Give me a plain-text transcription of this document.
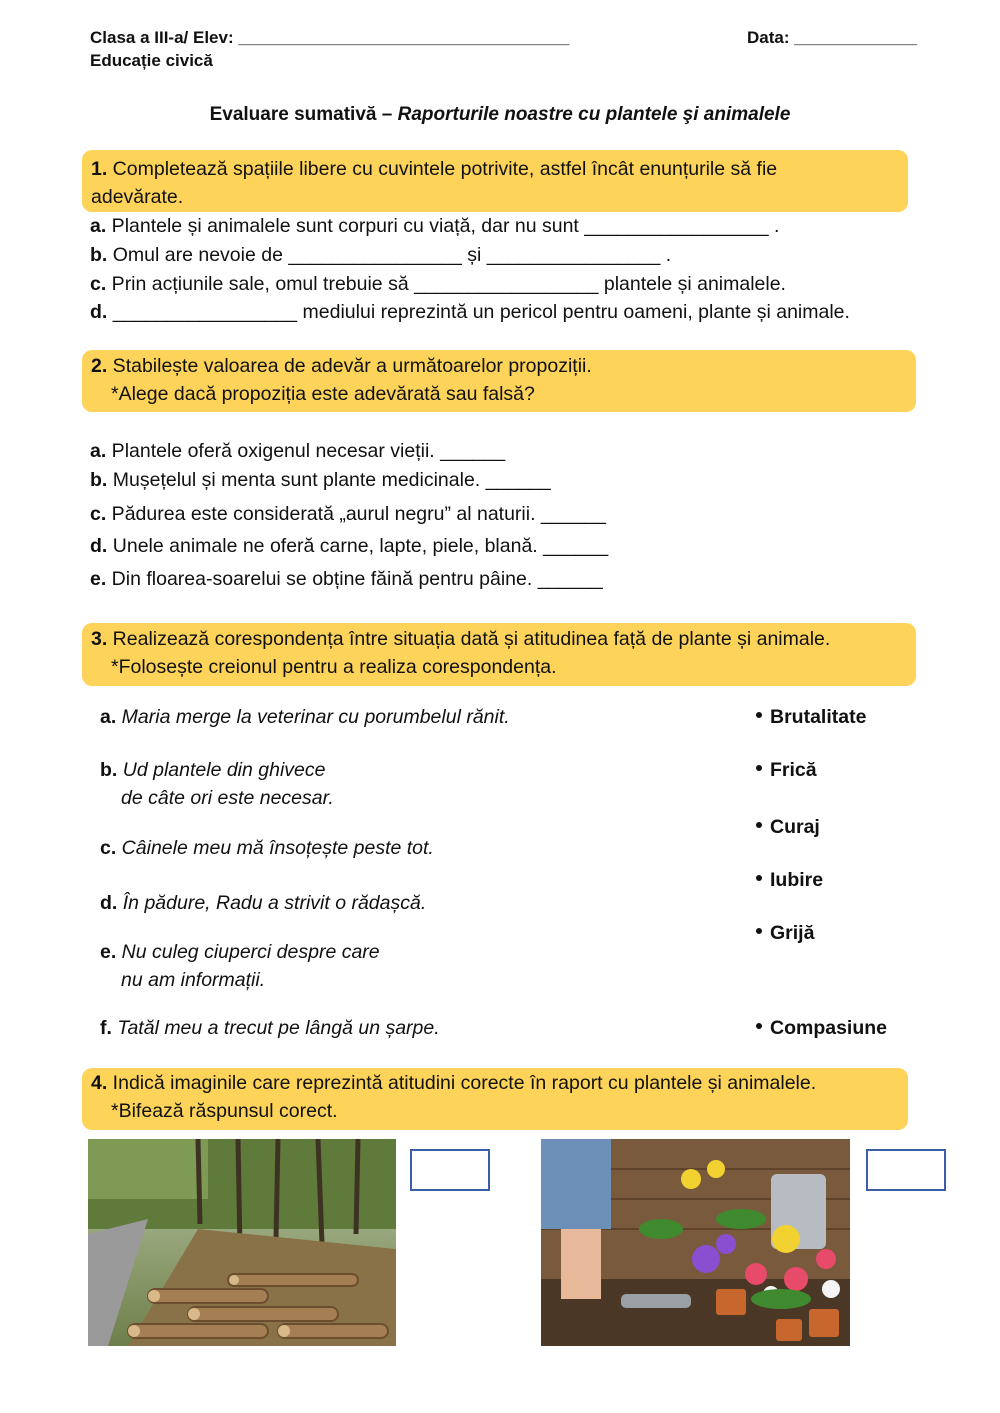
Clasa a III-a/ Elev: ___________________________________	Data: _____________
Educație civică
Evaluare sumativă – Raporturile noastre cu plantele şi animalele
1. Completează spațiile libere cu cuvintele potrivite, astfel încât enunțurile să fie
adevărate.
a. Plantele și animalele sunt corpuri cu viață, dar nu sunt _________________ .
b. Omul are nevoie de ________________ și ________________ .
c. Prin acțiunile sale, omul trebuie să _________________ plantele și animalele.
d. _________________ mediului reprezintă un pericol pentru oameni, plante și animale.
2. Stabilește valoarea de adevăr a următoarelor propoziții.
*Alege dacă propoziția este adevărată sau falsă?
a. Plantele oferă oxigenul necesar vieții. ______
b. Mușețelul și menta sunt plante medicinale. ______
c. Pădurea este considerată „aurul negru” al naturii. ______
d. Unele animale ne oferă carne, lapte, piele, blană. ______
e. Din floarea-soarelui se obține făină pentru pâine. ______
3. Realizează corespondența între situația dată și atitudinea față de plante și animale.
*Folosește creionul pentru a realiza corespondența.
a. Maria merge la veterinar cu porumbelul rănit.
b. Ud plantele din ghivece
de câte ori este necesar.
c. Câinele meu mă însoțește peste tot.
d. În pădure, Radu a strivit o rădașcă.
e. Nu culeg ciuperci despre care
nu am informații.
f. Tatăl meu a trecut pe lângă un șarpe.
Brutalitate
Frică
Curaj
Iubire
Grijă
Compasiune
4. Indică imaginile care reprezintă atitudini corecte în raport cu plantele și animalele.
*Bifează răspunsul corect.
